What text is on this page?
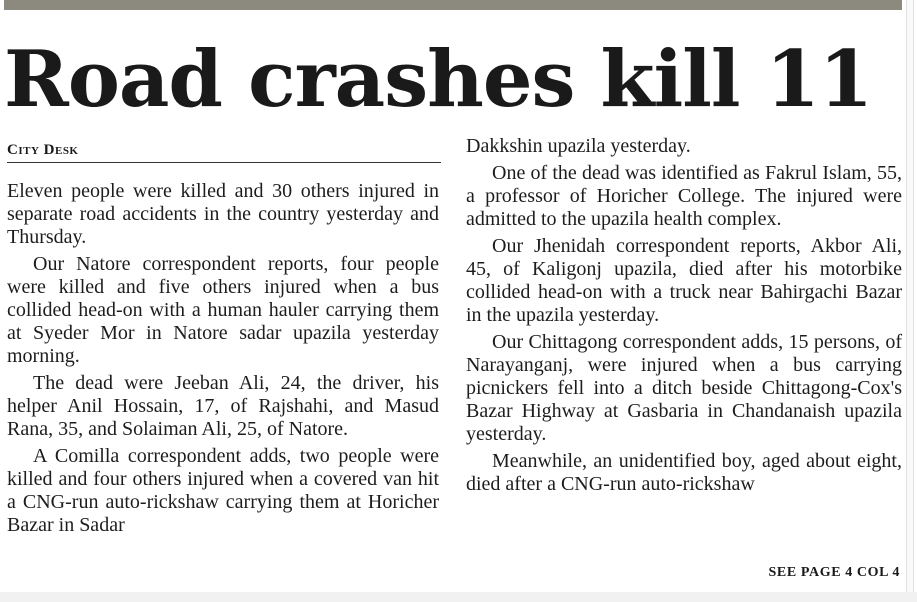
Road crashes kill 11
City Desk

Eleven people were killed and 30 others injured in separate road accidents in the country yesterday and Thursday.

Our Natore correspondent reports, four people were killed and five others injured when a bus collided head-on with a human hauler carrying them at Syeder Mor in Natore sadar upazila yesterday morning.

The dead were Jeeban Ali, 24, the driver, his helper Anil Hossain, 17, of Rajshahi, and Masud Rana, 35, and Solaiman Ali, 25, of Natore.

A Comilla correspondent adds, two people were killed and four others injured when a covered van hit a CNG-run auto-rickshaw carrying them at Horicher Bazar in Sadar

Dakkshin upazila yesterday.

One of the dead was identified as Fakrul Islam, 55, a professor of Horicher College. The injured were admitted to the upazila health complex.

Our Jhenidah correspondent reports, Akbor Ali, 45, of Kaligonj upazila, died after his motorbike collided head-on with a truck near Bahirgachi Bazar in the upazila yesterday.

Our Chittagong correspondent adds, 15 persons, of Narayanganj, were injured when a bus carrying picnickers fell into a ditch beside Chittagong-Cox's Bazar Highway at Gasbaria in Chandanaish upazila yesterday.

Meanwhile, an unidentified boy, aged about eight, died after a CNG-run auto-rickshaw

SEE PAGE 4 COL 4
